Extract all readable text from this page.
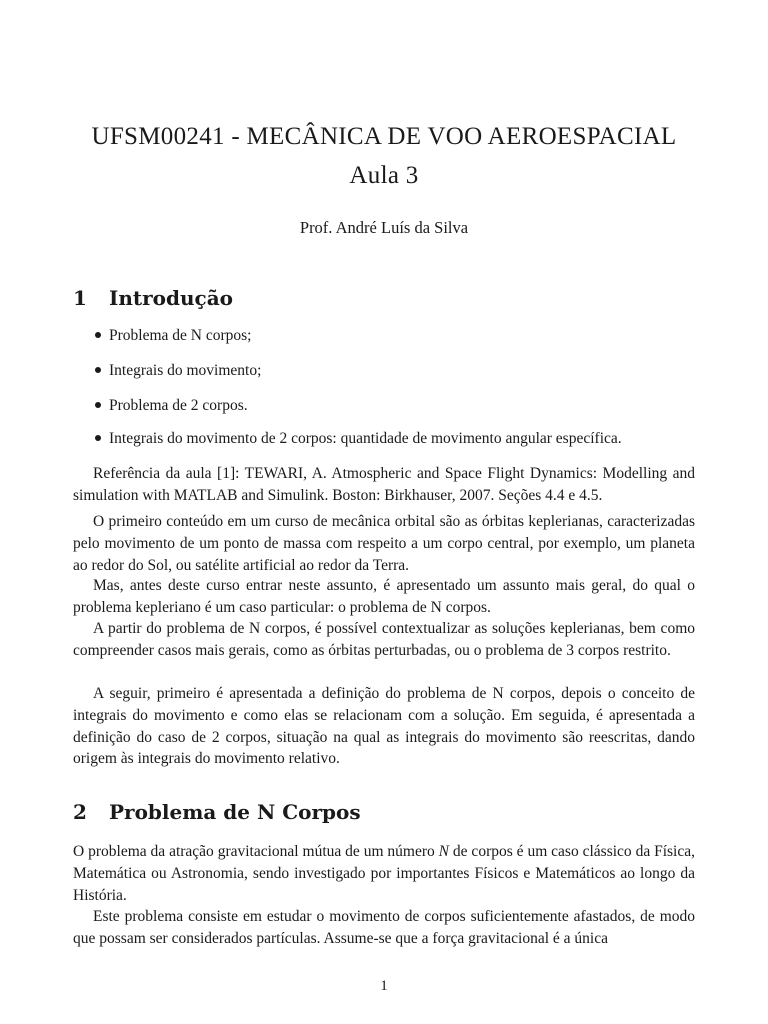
UFSM00241 - MECÂNICA DE VOO AEROESPACIAL
Aula 3
Prof. André Luís da Silva
1 Introdução
Problema de N corpos;
Integrais do movimento;
Problema de 2 corpos.
Integrais do movimento de 2 corpos: quantidade de movimento angular específica.

Referência da aula [1]: TEWARI, A. Atmospheric and Space Flight Dynamics: Modelling and simulation with MATLAB and Simulink. Boston: Birkhauser, 2007. Seções 4.4 e 4.5.

O primeiro conteúdo em um curso de mecânica orbital são as órbitas keplerianas, caracterizadas pelo movimento de um ponto de massa com respeito a um corpo central, por exemplo, um planeta ao redor do Sol, ou satélite artificial ao redor da Terra.

Mas, antes deste curso entrar neste assunto, é apresentado um assunto mais geral, do qual o problema kepleriano é um caso particular: o problema de N corpos.

A partir do problema de N corpos, é possível contextualizar as soluções keplerianas, bem como compreender casos mais gerais, como as órbitas perturbadas, ou o problema de 3 corpos restrito.

A seguir, primeiro é apresentada a definição do problema de N corpos, depois o conceito de integrais do movimento e como elas se relacionam com a solução. Em seguida, é apresentada a definição do caso de 2 corpos, situação na qual as integrais do movimento são reescritas, dando origem às integrais do movimento relativo.

2 Problema de N Corpos

O problema da atração gravitacional mútua de um número N de corpos é um caso clássico da Física, Matemática ou Astronomia, sendo investigado por importantes Físicos e Matemáticos ao longo da História.

Este problema consiste em estudar o movimento de corpos suficientemente afastados, de modo que possam ser considerados partículas. Assume-se que a força gravitacional é a única

1
